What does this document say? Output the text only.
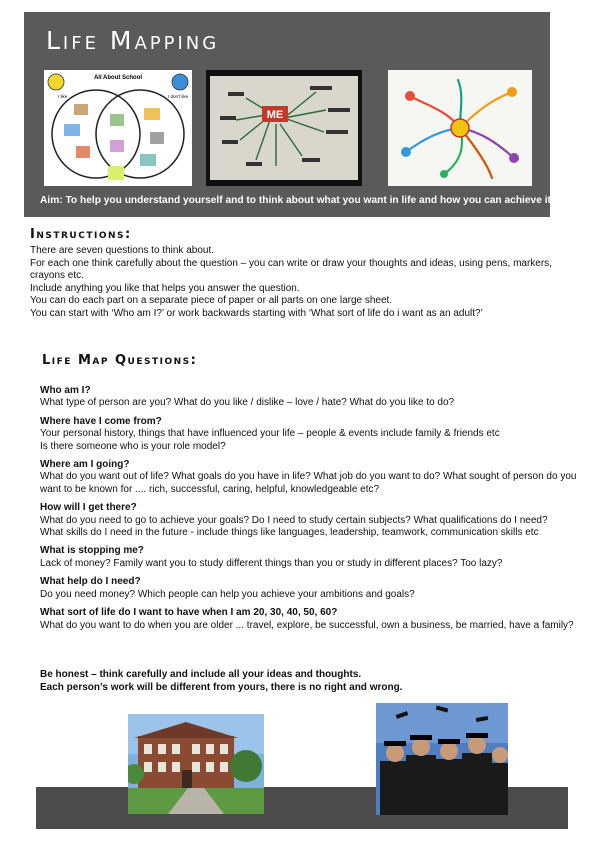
Life Mapping
All About School
I like	I don't like
ME
Aim: To help you understand yourself and to think about what you want in life and how you can achieve it.
Instructions:
There are seven questions to think about.
For each one think carefully about the question – you can write or draw your thoughts and ideas, using pens, markers,
crayons etc.
Include anything you like that helps you answer the question.
You can do each part on a separate piece of paper or all parts on one large sheet.
You can start with ‘Who am I?’ or work backwards starting with ‘What sort of life do i want as an adult?’
Life Map Questions:
Who am I?
What type of person are you? What do you like / dislike – love / hate? What do you like to do?
Where have I come from?
Your personal history, things that have influenced your life – people & events include family & friends etc
Is there someone who is your role model?
Where am I going?
What do you want out of life? What goals do you have in life? What job do you want to do? What sought of person do you
want to be known for .... rich, successful, caring, helpful, knowledgeable etc?
How will I get there?
What do you need to go to achieve your goals? Do I need to study certain subjects? What qualifications do I need?
What skills do I need in the future - include things like languages, leadership, teamwork, communication skills etc
What is stopping me?
Lack of money? Family want you to study different things than you or study in different places? Too lazy?
What help do I need?
Do you need money? Which people can help you achieve your ambitions and goals?
What sort of life do I want to have when I am 20, 30, 40, 50, 60?
What do you want to do when you are older ... travel, explore, be successful, own a business, be married, have a family?
Be honest – think carefully and include all your ideas and thoughts.
Each person’s work will be different from yours, there is no right and wrong.
